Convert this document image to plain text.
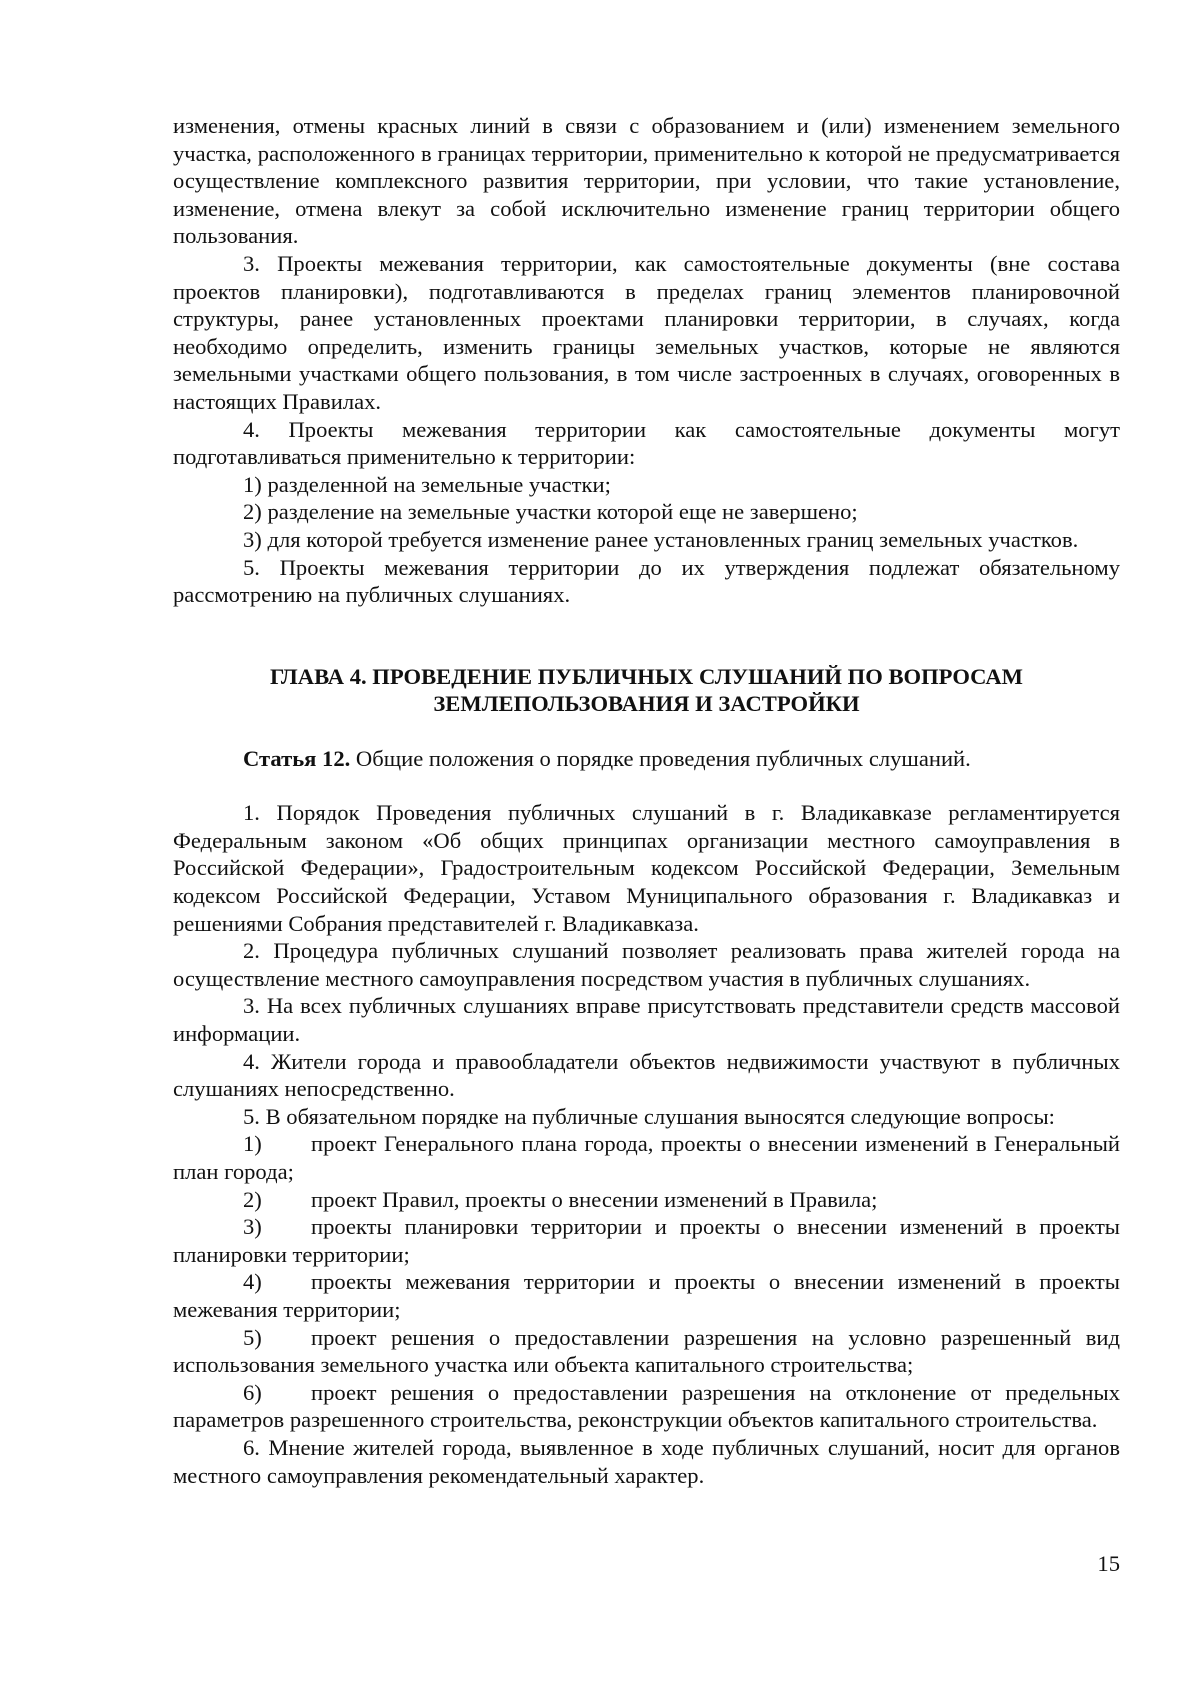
изменения, отмены красных линий в связи с образованием и (или) изменением земельного участка, расположенного в границах территории, применительно к которой не предусматривается осуществление комплексного развития территории, при условии, что такие установление, изменение, отмена влекут за собой исключительно изменение границ территории общего пользования.

3. Проекты межевания территории, как самостоятельные документы (вне состава проектов планировки), подготавливаются в пределах границ элементов планировочной структуры, ранее установленных проектами планировки территории, в случаях, когда необходимо определить, изменить границы земельных участков, которые не являются земельными участками общего пользования, в том числе застроенных в случаях, оговоренных в настоящих Правилах.

4. Проекты межевания территории как самостоятельные документы могут подготавливаться применительно к территории:

1) разделенной на земельные участки;

2) разделение на земельные участки которой еще не завершено;

3) для которой требуется изменение ранее установленных границ земельных участков.

5. Проекты межевания территории до их утверждения подлежат обязательному рассмотрению на публичных слушаниях.

ГЛАВА 4. ПРОВЕДЕНИЕ ПУБЛИЧНЫХ СЛУШАНИЙ ПО ВОПРОСАМ

ЗЕМЛЕПОЛЬЗОВАНИЯ И ЗАСТРОЙКИ

Статья 12. Общие положения о порядке проведения публичных слушаний.

1. Порядок Проведения публичных слушаний в г. Владикавказе регламентируется Федеральным законом «Об общих принципах организации местного самоуправления в Российской Федерации», Градостроительным кодексом Российской Федерации, Земельным кодексом Российской Федерации, Уставом Муниципального образования г. Владикавказ и решениями Собрания представителей г. Владикавказа.

2. Процедура публичных слушаний позволяет реализовать права жителей города на осуществление местного самоуправления посредством участия в публичных слушаниях.

3. На всех публичных слушаниях вправе присутствовать представители средств массовой информации.

4. Жители города и правообладатели объектов недвижимости участвуют в публичных слушаниях непосредственно.

5. В обязательном порядке на публичные слушания выносятся следующие вопросы:

1) проект Генерального плана города, проекты о внесении изменений в Генеральный план города;

2) проект Правил, проекты о внесении изменений в Правила;

3) проекты планировки территории и проекты о внесении изменений в проекты планировки территории;

4) проекты межевания территории и проекты о внесении изменений в проекты межевания территории;

5) проект решения о предоставлении разрешения на условно разрешенный вид использования земельного участка или объекта капитального строительства;

6) проект решения о предоставлении разрешения на отклонение от предельных параметров разрешенного строительства, реконструкции объектов капитального строительства.

6. Мнение жителей города, выявленное в ходе публичных слушаний, носит для органов местного самоуправления рекомендательный характер.

15
